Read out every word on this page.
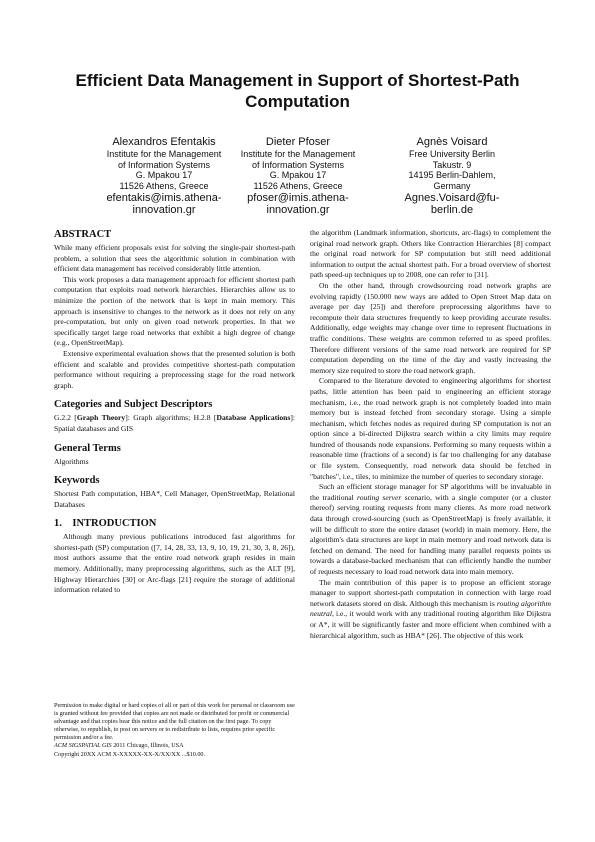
Efficient Data Management in Support of Shortest-Path Computation
Alexandros Efentakis
Institute for the Management
of Information Systems
G. Mpakou 17
11526 Athens, Greece
efentakis@imis.athena-
innovation.gr
Dieter Pfoser
Institute for the Management
of Information Systems
G. Mpakou 17
11526 Athens, Greece
pfoser@imis.athena-
innovation.gr
Agnès Voisard
Free University Berlin
Takustr. 9
14195 Berlin-Dahlem,
Germany
Agnes.Voisard@fu-
berlin.de
ABSTRACT

While many efficient proposals exist for solving the single-pair shortest-path problem, a solution that sees the algorithmic solution in combination with efficient data management has received considerably little attention.

This work proposes a data management approach for efficient shortest path computation that exploits road network hierarchies. Hierarchies allow us to minimize the portion of the network that is kept in main memory. This approach is insensitive to changes to the network as it does not rely on any pre-computation, but only on given road network properties. In that we specifically target large road networks that exhibit a high degree of change (e.g., OpenStreetMap).

Extensive experimental evaluation shows that the presented solution is both efficient and scalable and provides competitive shortest-path computation performance without requiring a preprocessing stage for the road network graph.

Categories and Subject Descriptors

G.2.2 [Graph Theory]: Graph algorithms; H.2.8 [Database Applications]: Spatial databases and GIS

General Terms

Algorithms

Keywords

Shortest Path computation, HBA*, Cell Manager, OpenStreetMap, Relational Databases

1.    INTRODUCTION

Although many previous publications introduced fast algorithms for shortest-path (SP) computation ([7, 14, 28, 33, 13, 9, 10, 19, 21, 30, 3, 8, 26]), most authors assume that the entire road network graph resides in main memory. Additionally, many preprocessing algorithms, such as the ALT [9], Highway Hierarchies [30] or Arc-flags [21] require the storage of additional information related to

Permission to make digital or hard copies of all or part of this work for personal or classroom use is granted without fee provided that copies are not made or distributed for profit or commercial advantage and that copies bear this notice and the full citation on the first page. To copy otherwise, to republish, to post on servers or to redistribute to lists, requires prior specific permission and/or a fee.

ACM SIGSPATIAL GIS 2011 Chicago, Illinois, USA

Copyright 20XX ACM X-XXXXX-XX-X/XX/XX ...$10.00.

the algorithm (Landmark information, shortcuts, arc-flags) to complement the original road network graph. Others like Contraction Hierarchies [8] compact the original road network for SP computation but still need additional information to output the actual shortest path. For a broad overview of shortest path speed-up techniques up to 2008, one can refer to [31].

On the other hand, through crowdsourcing road network graphs are evolving rapidly (150.000 new ways are added to Open Street Map data on average per day [25]) and therefore preprocessing algorithms have to recompute their data structures frequently to keep providing accurate results. Additionally, edge weights may change over time to represent fluctuations in traffic conditions. These weights are common referred to as speed profiles. Therefore different versions of the same road network are required for SP computation depending on the time of the day and vastly increasing the memory size required to store the road network graph.

Compared to the literature devoted to engineering algorithms for shortest paths, little attention has been paid to engineering an efficient storage mechanism, i.e., the road network graph is not completely loaded into main memory but is instead fetched from secondary storage. Using a simple mechanism, which fetches nodes as required during SP computation is not an option since a bi-directed Dijkstra search within a city limits may require hundred of thousands node expansions. Performing so many requests within a reasonable time (fractions of a second) is far too challenging for any database or file system. Consequently, road network data should be fetched in "batches", i.e., tiles, to minimize the number of queries to secondary storage.

Such an efficient storage manager for SP algorithms will be invaluable in the traditional routing server scenario, with a single computer (or a cluster thereof) serving routing requests from many clients. As more road network data through crowd-sourcing (such as OpenStreetMap) is freely available, it will be difficult to store the entire dataset (world) in main memory. Here, the algorithm's data structures are kept in main memory and road network data is fetched on demand. The need for handling many parallel requests points us towards a database-backed mechanism that can efficiently handle the number of requests necessary to load road network data into main memory.

The main contribution of this paper is to propose an efficient storage manager to support shortest-path computation in connection with large road network datasets stored on disk. Although this mechanism is routing algorithm neutral, i.e., it would work with any traditional routing algorithm like Dijkstra or A*, it will be significantly faster and more efficient when combined with a hierarchical algorithm, such as HBA* [26]. The objective of this work
